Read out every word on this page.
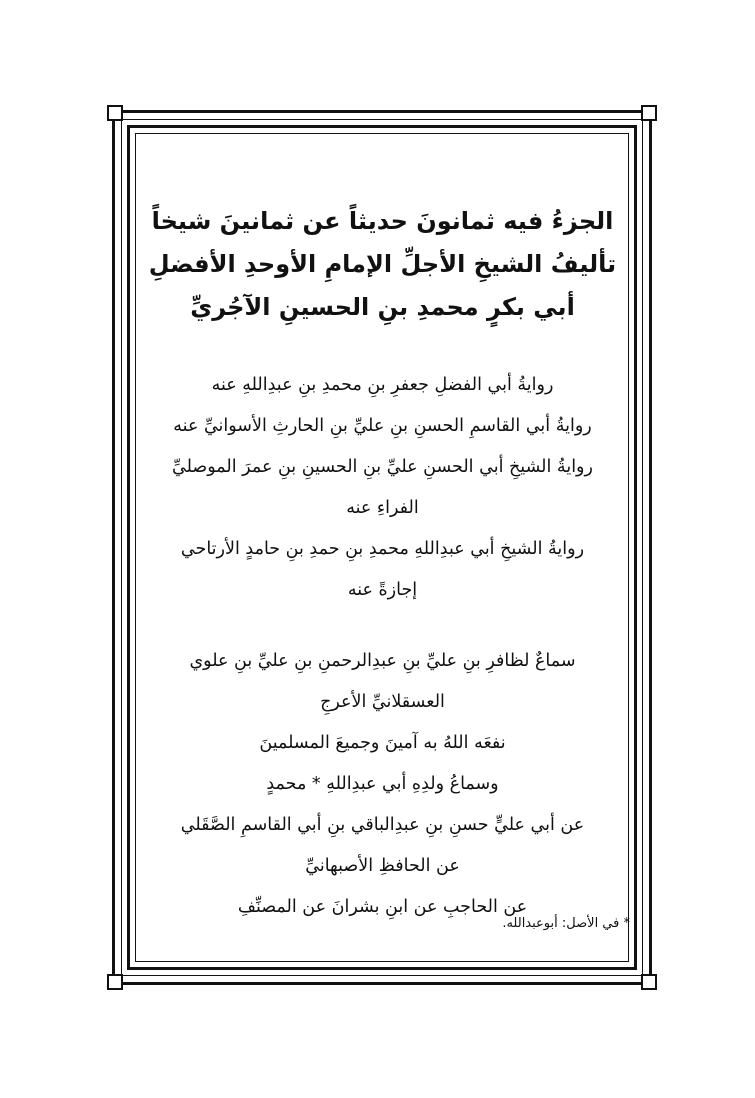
الجزءُ فيه ثمانونَ حديثاً عن ثمانينَ شيخاً
تأليفُ الشيخِ الأجلِّ الإمامِ الأوحدِ الأفضلِ
أبي بكرٍ محمدِ بنِ الحسينِ الآجُريِّ
روايةُ أبي الفضلِ جعفرِ بنِ محمدِ بنِ عبدِاللهِ عنه
روايةُ أبي القاسمِ الحسنِ بنِ عليِّ بنِ الحارثِ الأسوانيِّ عنه
روايةُ الشيخِ أبي الحسنِ عليِّ بنِ الحسينِ بنِ عمرَ الموصليِّ
الفراءِ عنه
روايةُ الشيخِ أبي عبدِاللهِ محمدِ بنِ حمدِ بنِ حامدٍ الأرتاحي
إجازةً عنه
سماعٌ لظافرِ بنِ عليِّ بنِ عبدِالرحمنِ بنِ عليِّ بنِ علوي
العسقلانيِّ الأعرجِ
نفعَه اللهُ به آمينَ وجميعَ المسلمينَ
وسماعُ ولدِهِ أبي عبدِاللهِ * محمدٍ
عن أبي عليٍّ حسنِ بنِ عبدِالباقي بنِ أبي القاسمِ الصَّقَلي
عن الحافظِ الأصبهانيِّ
عن الحاجبِ عن ابنِ بشرانَ عن المصنِّفِ
* في الأصل: أبوعبدالله.
